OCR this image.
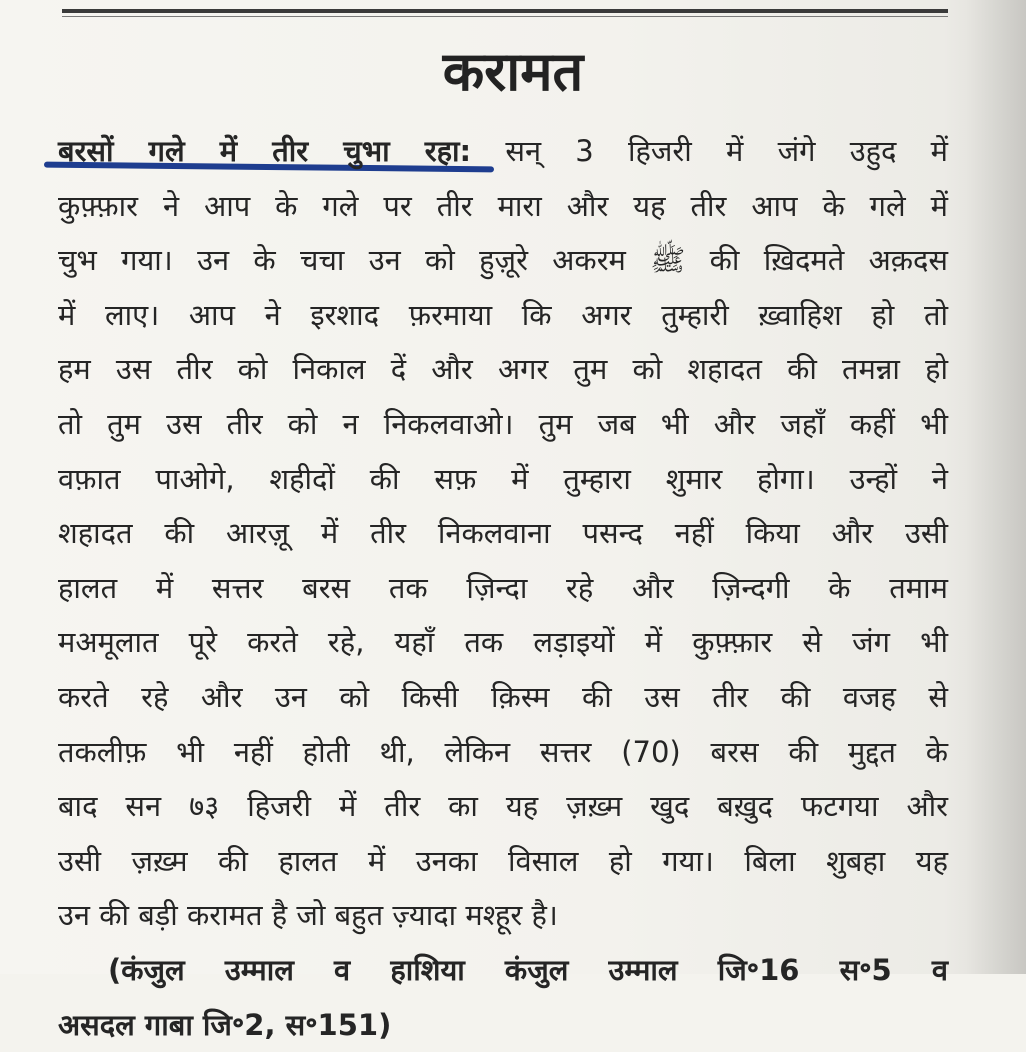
करामत
बरसों गले में तीर चुभा रहा: सन् 3 हिजरी में जंगे उहुद में
कुफ़्फ़ार ने आप के गले पर तीर मारा और यह तीर आप के गले में
चुभ गया। उन के चचा उन को हुज़ूरे अकरम ﷺ की ख़िदमते अक़दस
में लाए। आप ने इरशाद फ़रमाया कि अगर तुम्हारी ख़्वाहिश हो तो
हम उस तीर को निकाल दें और अगर तुम को शहादत की तमन्ना हो
तो तुम उस तीर को न निकलवाओ। तुम जब भी और जहाँ कहीं भी
वफ़ात पाओगे, शहीदों की सफ़ में तुम्हारा शुमार होगा। उन्हों ने
शहादत की आरज़ू में तीर निकलवाना पसन्द नहीं किया और उसी
हालत में सत्तर बरस तक ज़िन्दा रहे और ज़िन्दगी के तमाम
मअमूलात पूरे करते रहे, यहाँ तक लड़ाइयों में कुफ़्फ़ार से जंग भी
करते रहे और उन को किसी क़िस्म की उस तीर की वजह से
तकलीफ़ भी नहीं होती थी, लेकिन सत्तर (70) बरस की मुद्दत के
बाद सन ७३ हिजरी में तीर का यह ज़ख़्म खुद बख़ुद फटगया और
उसी ज़ख़्म की हालत में उनका विसाल हो गया। बिला शुबहा यह
उन की बड़ी करामत है जो बहुत ज़्यादा मश्हूर है।
(कंजुल उम्माल व हाशिया कंजुल उम्माल जि॰16 स॰5 व
असदल गाबा जि॰2, स॰151)
